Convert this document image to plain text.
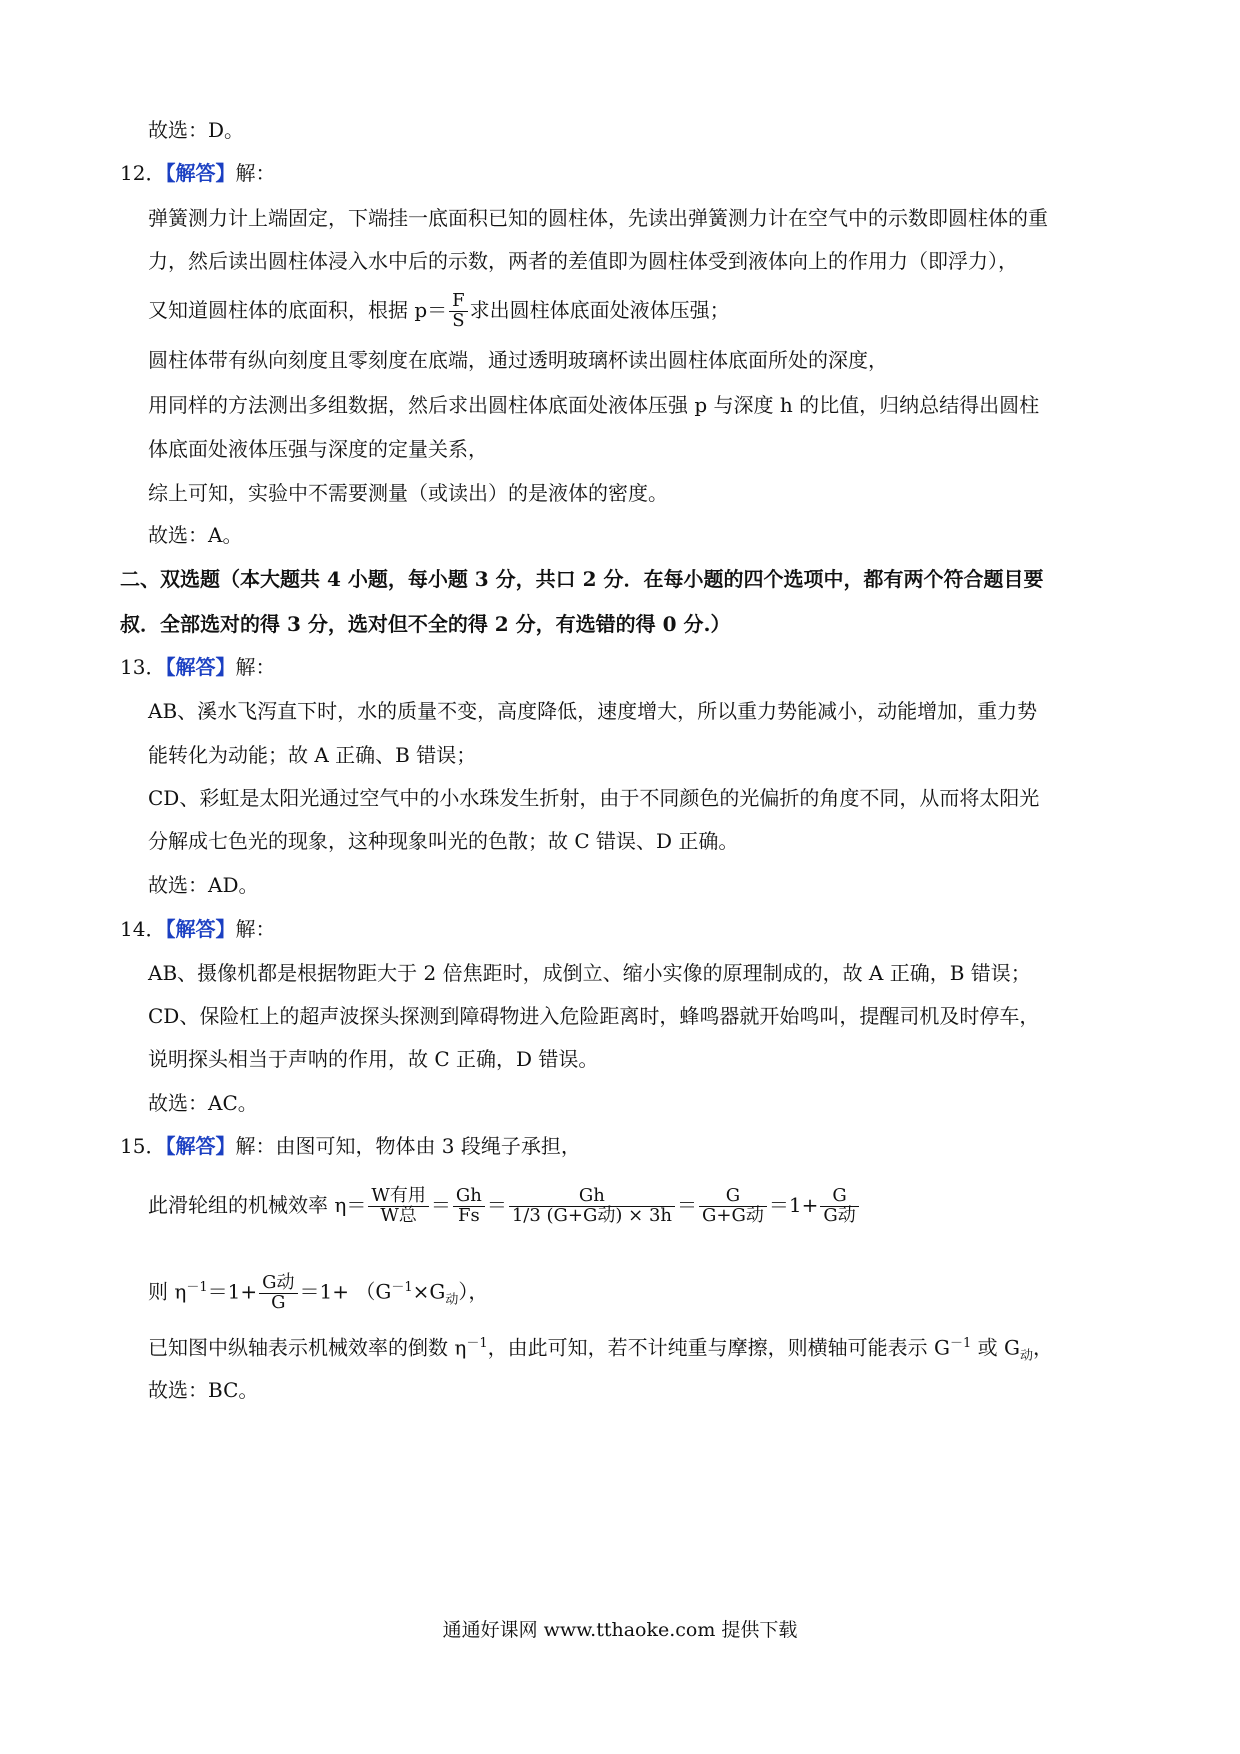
故选：D。
12．【解答】解：
弹簧测力计上端固定，下端挂一底面积已知的圆柱体，先读出弹簧测力计在空气中的示数即圆柱体的重
力，然后读出圆柱体浸入水中后的示数，两者的差值即为圆柱体受到液体向上的作用力（即浮力），
又知道圆柱体的底面积，根据 $p= \frac{F}{S}$ 求出圆柱体底面处液体压强；
圆柱体带有纵向刻度且零刻度在底端，通过透明玻璃杯读出圆柱体底面所处的深度，
用同样的方法测出多组数据，然后求出圆柱体底面处液体压强 p 与深度 h 的比值，归纳总结得出圆柱
体底面处液体压强与深度的定量关系，
综上可知，实验中不需要测量（或读出）的是液体的密度。
故选：A。
二、双选题（本大题共 4 小题，每小题 3 分，共口 2 分．在每小题的四个选项中，都有两个符合题目要
叔．全部选对的得 3 分，选对但不全的得 2 分，有选错的得 0 分.）
13．【解答】解：
AB、溪水飞泻直下时，水的质量不变，高度降低，速度增大，所以重力势能减小，动能增加，重力势
能转化为动能；故 A 正确、B 错误；
CD、彩虹是太阳光通过空气中的小水珠发生折射，由于不同颜色的光偏折的角度不同，从而将太阳光
分解成七色光的现象，这种现象叫光的色散；故 C 错误、D 正确。
故选：AD。
14．【解答】解：
AB、摄像机都是根据物距大于 2 倍焦距时，成倒立、缩小实像的原理制成的，故 A 正确，B 错误；
CD、保险杠上的超声波探头探测到障碍物进入危险距离时，蜂鸣器就开始鸣叫，提醒司机及时停车，
说明探头相当于声呐的作用，故 C 正确，D 错误。
故选：AC。
15．【解答】解：由图可知，物体由 3 段绳子承担，
此滑轮组的机械效率 $\eta= \frac{\text{W有用}}{\text{W总}} = \frac{Gh}{Fs} = \frac{Gh}{\text{1/3 (G+G动) × 3h}} = \frac{G}{\text{G+G动}} =1+ \frac{G}{\text{G动}}$
则 $\eta^{-1}=1+ \frac{\text{G动}}{G} =1+ (G^{-1}\times G_动)$，
已知图中纵轴表示机械效率的倒数 $\eta^{-1}$，由此可知，若不计纯重与摩擦，则横轴可能表示 $G^{-1}$ 或 $G_动$，
故选：BC。
通通好课网 www.tthaoke.com 提供下载
